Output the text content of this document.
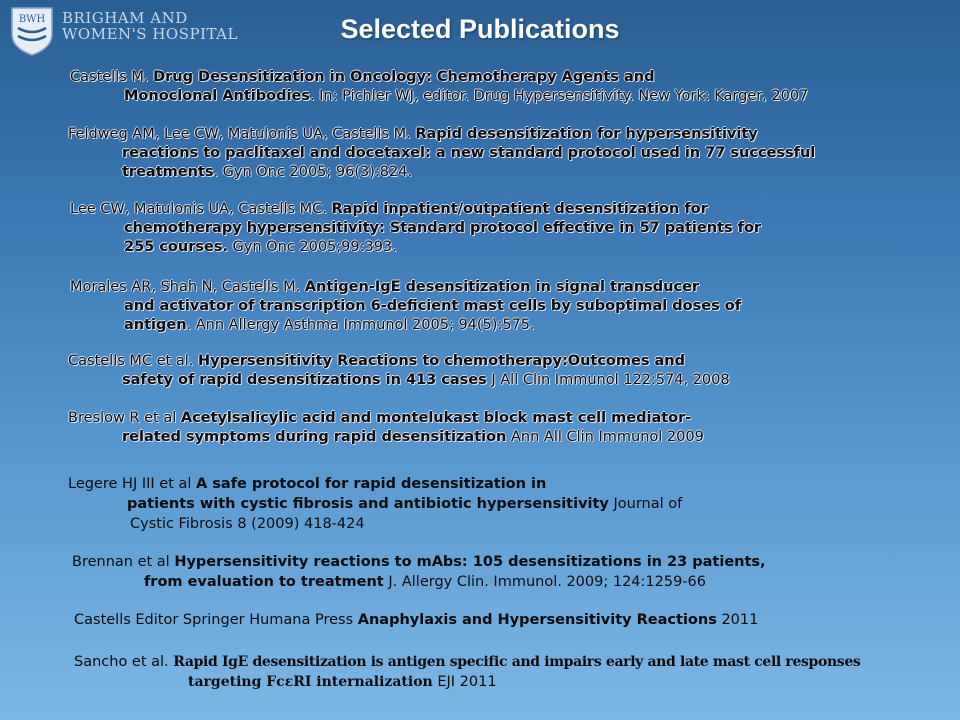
BWH BRIGHAM AND
WOMEN'S HOSPITAL	Selected Publications
Castells M. Drug Desensitization in Oncology: Chemotherapy Agents and
Monoclonal Antibodies. In: Pichler WJ, editor. Drug Hypersensitivity. New York: Karger, 2007
Feldweg AM, Lee CW, Matulonis UA, Castells M. Rapid desensitization for hypersensitivity
reactions to paclitaxel and docetaxel: a new standard protocol used in 77 successful
treatments. Gyn Onc 2005; 96(3):824.
Lee CW, Matulonis UA, Castells MC. Rapid inpatient/outpatient desensitization for
chemotherapy hypersensitivity: Standard protocol effective in 57 patients for
255 courses. Gyn Onc 2005;99:393.
Morales AR, Shah N, Castells M. Antigen-IgE desensitization in signal transducer
and activator of transcription 6-deficient mast cells by suboptimal doses of
antigen. Ann Allergy Asthma Immunol 2005; 94(5):575.
Castells MC et al. Hypersensitivity Reactions to chemotherapy:Outcomes and
safety of rapid desensitizations in 413 cases J All Clin Immunol 122:574, 2008
Breslow R et al Acetylsalicylic acid and montelukast block mast cell mediator-
related symptoms during rapid desensitization Ann All Clin Immunol 2009
Legere HJ III et al A safe protocol for rapid desensitization in
patients with cystic fibrosis and antibiotic hypersensitivity Journal of
Cystic Fibrosis 8 (2009) 418-424
Brennan et al Hypersensitivity reactions to mAbs: 105 desensitizations in 23 patients,
from evaluation to treatment J. Allergy Clin. Immunol. 2009; 124:1259-66
Castells Editor Springer Humana Press Anaphylaxis and Hypersensitivity Reactions 2011
Sancho et al. Rapid IgE desensitization is antigen specific and impairs early and late mast cell responses
targeting FcεRI internalization EJI 2011
